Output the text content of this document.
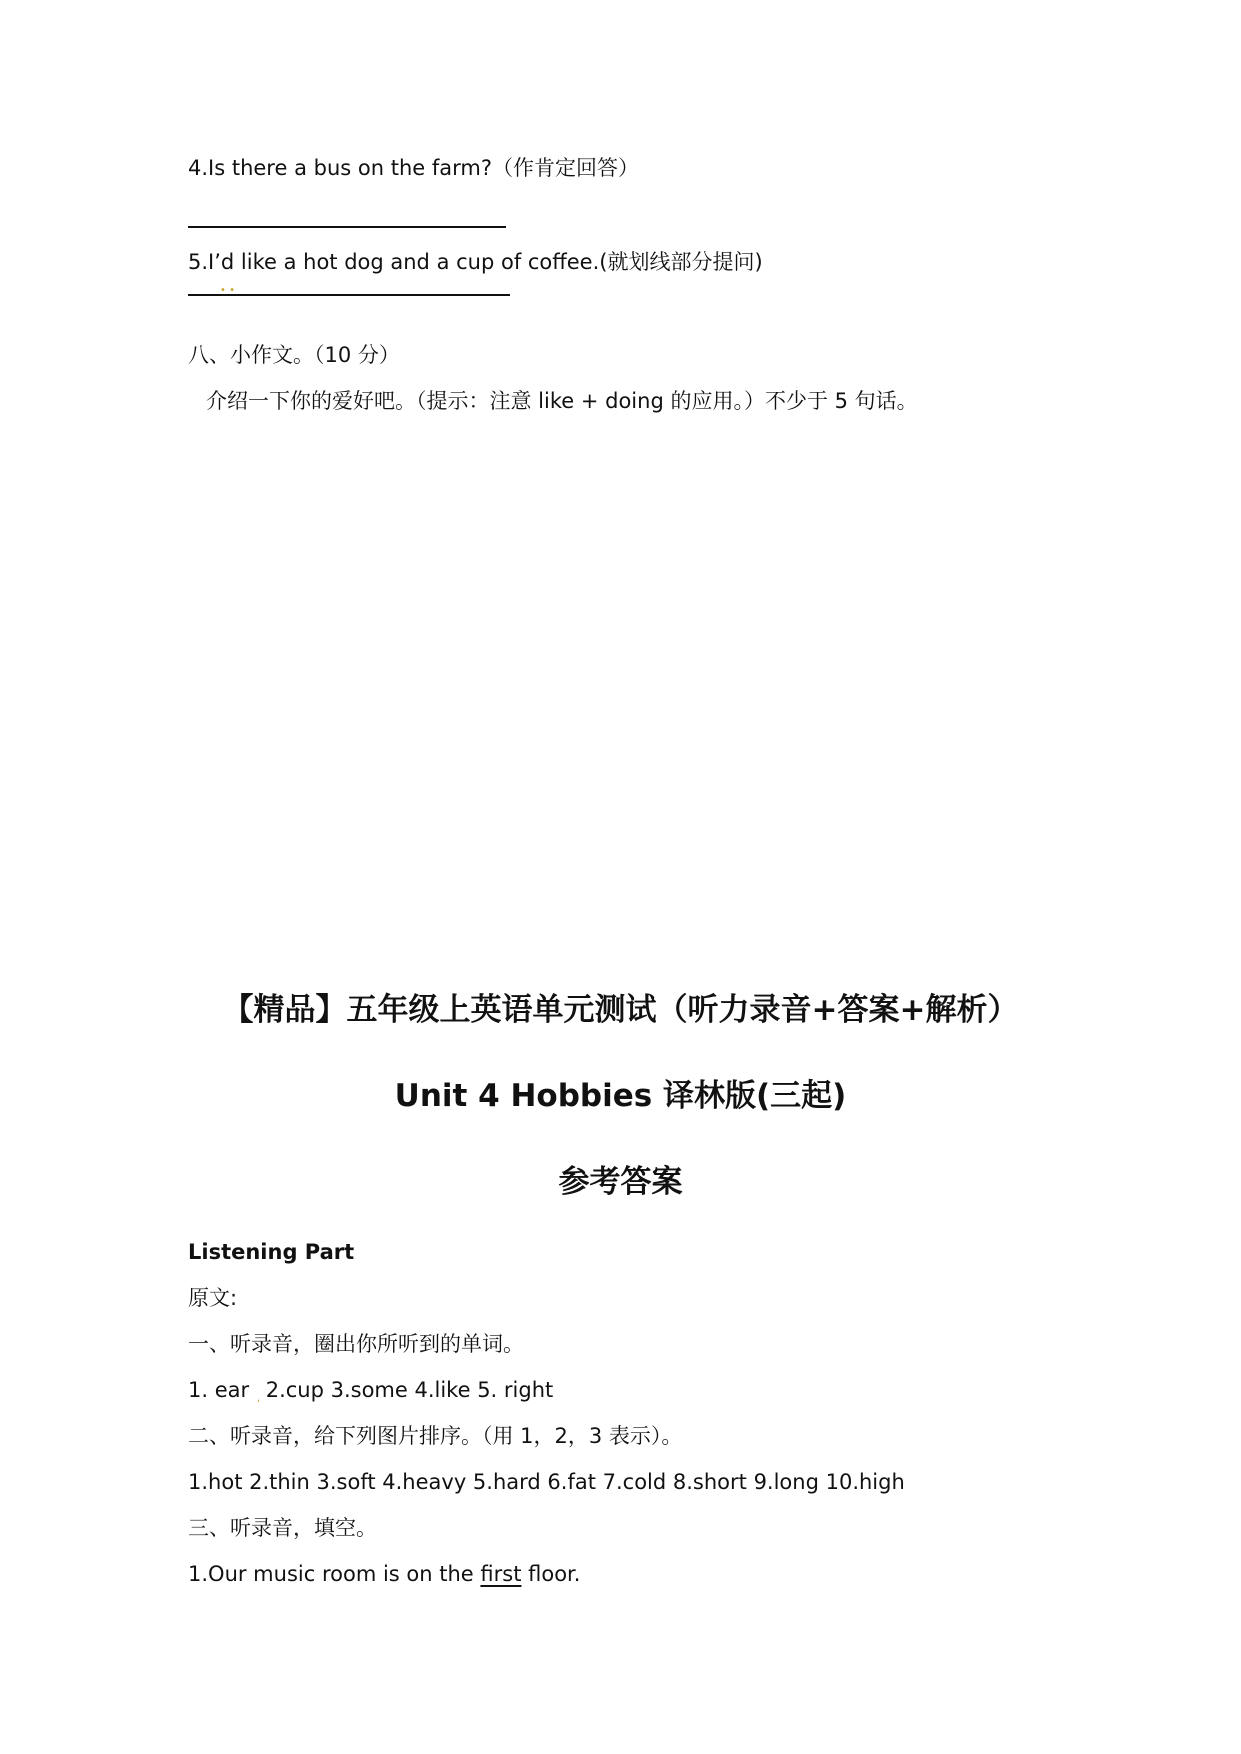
4.Is there a bus on the farm?（作肯定回答）
5.I’d like a hot dog and a cup of coffee.(就划线部分提问)
• •
八、小作文。（10 分）
介绍一下你的爱好吧。（提示：注意 like + doing 的应用。）不少于 5 句话。
【精品】五年级上英语单元测试（听力录音+答案+解析）
Unit 4 Hobbies 译林版(三起)
参考答案
Listening Part
原文:
一、听录音，圈出你所听到的单词。
1. ear , 2.cup 3.some 4.like 5. right
二、听录音，给下列图片排序。（用 1，2，3 表示）。
1.hot 2.thin 3.soft 4.heavy 5.hard 6.fat 7.cold 8.short 9.long 10.high
三、听录音，填空。
1.Our music room is on the first floor.
